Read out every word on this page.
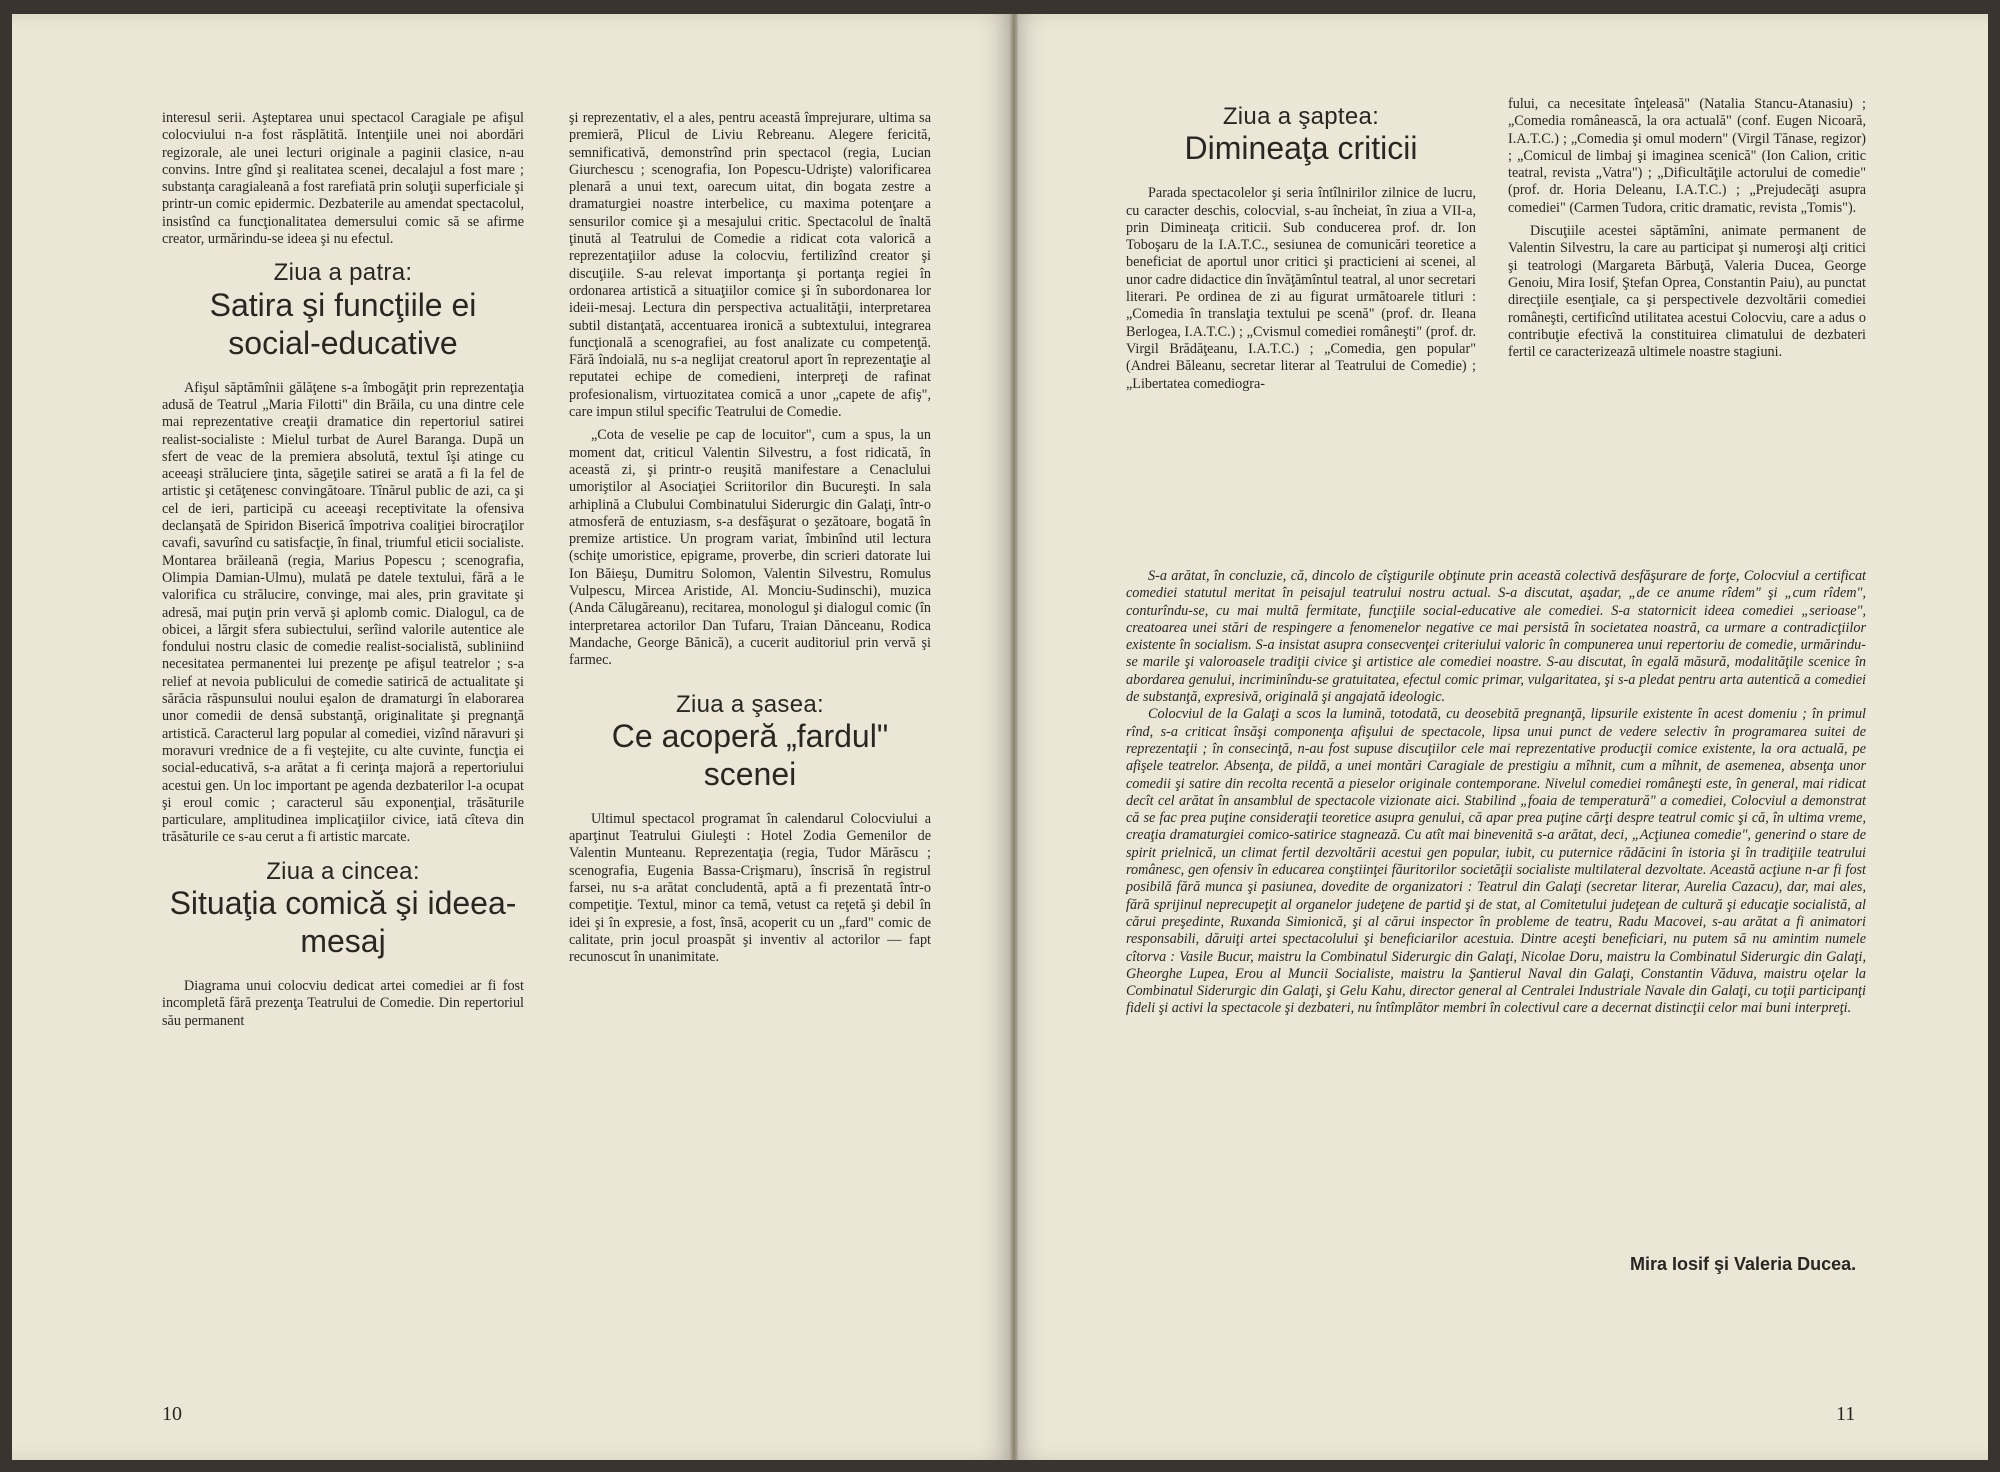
interesul serii. Aşteptarea unui spectacol Caragiale pe afişul colocviului n-a fost răsplătită. Intenţiile unei noi abordări regizorale, ale unei lecturi originale a paginii clasice, n-au convins. Intre gînd şi realitatea scenei, decalajul a fost mare ; substanţa caragialeană a fost rarefiată prin soluţii superficiale şi printr-un comic epidermic. Dezbaterile au amendat spectacolul, insistînd ca funcţionalitatea demersului comic să se afirme creator, urmărindu-se ideea şi nu efectul.

Ziua a patra:
Satira şi funcţiile ei social-educative

Afişul săptămînii gălăţene s-a îmbogăţit prin reprezentaţia adusă de Teatrul „Maria Filotti" din Brăila, cu una dintre cele mai reprezentative creaţii dramatice din repertoriul satirei realist-socialiste : Mielul turbat de Aurel Baranga. După un sfert de veac de la premiera absolută, textul îşi atinge cu aceeaşi străluciere ţinta, săgeţile satirei se arată a fi la fel de artistic şi cetăţenesc convingătoare. Tînărul public de azi, ca şi cel de ieri, participă cu aceeaşi receptivitate la ofensiva declanşată de Spiridon Biserică împotriva coaliţiei birocraţilor cavafi, savurînd cu satisfacţie, în final, triumful eticii socialiste. Montarea brăileană (regia, Marius Popescu ; scenografia, Olimpia Damian-Ulmu), mulată pe datele textului, fără a le valorifica cu strălucire, convinge, mai ales, prin gravitate şi adresă, mai puţin prin vervă şi aplomb comic. Dialogul, ca de obicei, a lărgit sfera subiectului, serîind valorile autentice ale fondului nostru clasic de comedie realist-socialistă, subliniind necesitatea permanentei lui prezenţe pe afişul teatrelor ; s-a relief at nevoia publicului de comedie satirică de actualitate şi sărăcia răspunsului noului eşalon de dramaturgi în elaborarea unor comedii de densă substanţă, originalitate şi pregnanţă artistică. Caracterul larg popular al comediei, vizînd năravuri şi moravuri vrednice de a fi veştejite, cu alte cuvinte, funcţia ei social-educativă, s-a arătat a fi cerinţa majoră a repertoriului acestui gen. Un loc important pe agenda dezbaterilor l-a ocupat şi eroul comic ; caracterul său exponenţial, trăsăturile particulare, amplitudinea implicaţiilor civice, iată cîteva din trăsăturile ce s-au cerut a fi artistic marcate.

Ziua a cincea:
Situaţia comică şi ideea-mesaj

Diagrama unui colocviu dedicat artei comediei ar fi fost incompletă fără prezenţa Teatrului de Comedie. Din repertoriul său permanent

şi reprezentativ, el a ales, pentru această împrejurare, ultima sa premieră, Plicul de Liviu Rebreanu. Alegere fericită, semnificativă, demonstrînd prin spectacol (regia, Lucian Giurchescu ; scenografia, Ion Popescu-Udrişte) valorificarea plenară a unui text, oarecum uitat, din bogata zestre a dramaturgiei noastre interbelice, cu maxima potenţare a sensurilor comice şi a mesajului critic. Spectacolul de înaltă ţinută al Teatrului de Comedie a ridicat cota valorică a reprezentaţiilor aduse la colocviu, fertilizînd creator şi discuţiile. S-au relevat importanţa şi portanţa regiei în ordonarea artistică a situaţiilor comice şi în subordonarea lor ideii-mesaj. Lectura din perspectiva actualităţii, interpretarea subtil distanţată, accentuarea ironică a subtextului, integrarea funcţională a scenografiei, au fost analizate cu competenţă. Fără îndoială, nu s-a neglijat creatorul aport în reprezentaţie al reputatei echipe de comedieni, interpreţi de rafinat profesionalism, virtuozitatea comică a unor „capete de afiş", care impun stilul specific Teatrului de Comedie.

„Cota de veselie pe cap de locuitor", cum a spus, la un moment dat, criticul Valentin Silvestru, a fost ridicată, în această zi, şi printr-o reuşită manifestare a Cenaclului umoriştilor al Asociaţiei Scriitorilor din Bucureşti. In sala arhiplină a Clubului Combinatului Siderurgic din Galaţi, într-o atmosferă de entuziasm, s-a desfăşurat o şezătoare, bogată în premize artistice. Un program variat, îmbinînd util lectura (schiţe umoristice, epigrame, proverbe, din scrieri datorate lui Ion Băieşu, Dumitru Solomon, Valentin Silvestru, Romulus Vulpescu, Mircea Aristide, Al. Monciu-Sudinschi), muzica (Anda Călugăreanu), recitarea, monologul şi dialogul comic (în interpretarea actorilor Dan Tufaru, Traian Dănceanu, Rodica Mandache, George Bănică), a cucerit auditoriul prin vervă şi farmec.

Ziua a şasea:
Ce acoperă „fardul" scenei

Ultimul spectacol programat în calendarul Colocviului a aparţinut Teatrului Giuleşti : Hotel Zodia Gemenilor de Valentin Munteanu. Reprezentaţia (regia, Tudor Mărăscu ; scenografia, Eugenia Bassa-Crişmaru), înscrisă în registrul farsei, nu s-a arătat concludentă, aptă a fi prezentată într-o competiţie. Textul, minor ca temă, vetust ca reţetă şi debil în idei şi în expresie, a fost, însă, acoperit cu un „fard" comic de calitate, prin jocul proaspăt şi inventiv al actorilor — fapt recunoscut în unanimitate.

10
Ziua a şaptea:
Dimineaţa criticii

Parada spectacolelor şi seria întîlnirilor zilnice de lucru, cu caracter deschis, colocvial, s-au încheiat, în ziua a VII-a, prin Dimineaţa criticii. Sub conducerea prof. dr. Ion Toboşaru de la I.A.T.C., sesiunea de comunicări teoretice a beneficiat de aportul unor critici şi practicieni ai scenei, al unor cadre didactice din învăţămîntul teatral, al unor secretari literari. Pe ordinea de zi au figurat următoarele titluri : „Comedia în translaţia textului pe scenă" (prof. dr. Ileana Berlogea, I.A.T.C.) ; „Cvismul comediei româneşti" (prof. dr. Virgil Brădăţeanu, I.A.T.C.) ; „Comedia, gen popular" (Andrei Băleanu, secretar literar al Teatrului de Comedie) ; „Libertatea comediogra-

fului, ca necesitate înţeleasă" (Natalia Stancu-Atanasiu) ; „Comedia românească, la ora actuală" (conf. Eugen Nicoară, I.A.T.C.) ; „Comedia şi omul modern" (Virgil Tănase, regizor) ; „Comicul de limbaj şi imaginea scenică" (Ion Calion, critic teatral, revista „Vatra") ; „Dificultăţile actorului de comedie" (prof. dr. Horia Deleanu, I.A.T.C.) ; „Prejudecăţi asupra comediei" (Carmen Tudora, critic dramatic, revista „Tomis").

Discuţiile acestei săptămîni, animate permanent de Valentin Silvestru, la care au participat şi numeroşi alţi critici şi teatrologi (Margareta Bărbuţă, Valeria Ducea, George Genoiu, Mira Iosif, Ştefan Oprea, Constantin Paiu), au punctat direcţiile esenţiale, ca şi perspectivele dezvoltării comediei româneşti, certificînd utilitatea acestui Colocviu, care a adus o contribuţie efectivă la constituirea climatului de dezbateri fertil ce caracterizează ultimele noastre stagiuni.

S-a arătat, în concluzie, că, dincolo de cîştigurile obţinute prin această colectivă desfăşurare de forţe, Colocviul a certificat comediei statutul meritat în peisajul teatrului nostru actual. S-a discutat, aşadar, „de ce anume rîdem" şi „cum rîdem", conturîndu-se, cu mai multă fermitate, funcţiile social-educative ale comediei. S-a statornicit ideea comediei „serioase", creatoarea unei stări de respingere a fenomenelor negative ce mai persistă în societatea noastră, ca urmare a contradicţiilor existente în socialism. S-a insistat asupra consecvenţei criteriului valoric în compunerea unui repertoriu de comedie, urmărindu-se marile şi valoroasele tradiţii civice şi artistice ale comediei noastre. S-au discutat, în egală măsură, modalităţile scenice în abordarea genului, incriminîndu-se gratuitatea, efectul comic primar, vulgaritatea, şi s-a pledat pentru arta autentică a comediei de substanţă, expresivă, originală şi angajată ideologic.

Colocviul de la Galaţi a scos la lumină, totodată, cu deosebită pregnanţă, lipsurile existente în acest domeniu ; în primul rînd, s-a criticat însăşi componenţa afişului de spectacole, lipsa unui punct de vedere selectiv în programarea suitei de reprezentaţii ; în consecinţă, n-au fost supuse discuţiilor cele mai reprezentative producţii comice existente, la ora actuală, pe afişele teatrelor. Absenţa, de pildă, a unei montări Caragiale de prestigiu a mîhnit, cum a mîhnit, de asemenea, absenţa unor comedii şi satire din recolta recentă a pieselor originale contemporane. Nivelul comediei româneşti este, în general, mai ridicat decît cel arătat în ansamblul de spectacole vizionate aici. Stabilind „foaia de temperatură" a comediei, Colocviul a demonstrat că se fac prea puţine consideraţii teoretice asupra genului, că apar prea puţine cărţi despre teatrul comic şi că, în ultima vreme, creaţia dramaturgiei comico-satirice stagnează. Cu atît mai binevenită s-a arătat, deci, „Acţiunea comedie", generind o stare de spirit prielnică, un climat fertil dezvoltării acestui gen popular, iubit, cu puternice rădăcini în istoria şi în tradiţiile teatrului românesc, gen ofensiv în educarea conştiinţei făuritorilor societăţii socialiste multilateral dezvoltate. Această acţiune n-ar fi fost posibilă fără munca şi pasiunea, dovedite de organizatori : Teatrul din Galaţi (secretar literar, Aurelia Cazacu), dar, mai ales, fără sprijinul neprecupeţit al organelor judeţene de partid şi de stat, al Comitetului judeţean de cultură şi educaţie socialistă, al cărui preşedinte, Ruxanda Simionică, şi al cărui inspector în probleme de teatru, Radu Macovei, s-au arătat a fi animatori responsabili, dăruiţi artei spectacolului şi beneficiarilor acestuia. Dintre aceşti beneficiari, nu putem să nu amintim numele cîtorva : Vasile Bucur, maistru la Combinatul Siderurgic din Galaţi, Nicolae Doru, maistru la Combinatul Siderurgic din Galaţi, Gheorghe Lupea, Erou al Muncii Socialiste, maistru la Şantierul Naval din Galaţi, Constantin Văduva, maistru oţelar la Combinatul Siderurgic din Galaţi, şi Gelu Kahu, director general al Centralei Industriale Navale din Galaţi, cu toţii participanţi fideli şi activi la spectacole şi dezbateri, nu întîmplător membri în colectivul care a decernat distincţii celor mai buni interpreţi.

Mira Iosif şi Valeria Ducea.
11
